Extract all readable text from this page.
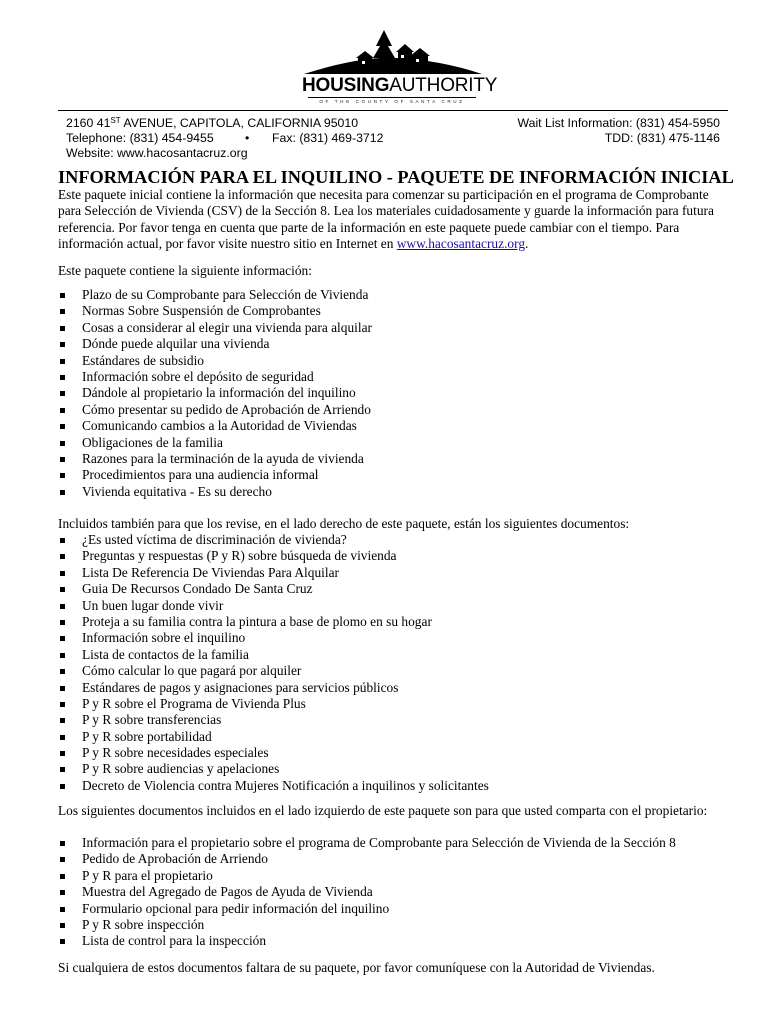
HOUSINGAUTHORITY
OF THE COUNTY OF SANTA CRUZ
2160 41ST AVENUE, CAPITOLA, CALIFORNIA 95010
Telephone: (831) 454-9455	• Fax: (831) 469-3712
Website: www.hacosantacruz.org
Wait List Information: (831) 454-5950
TDD: (831) 475-1146
INFORMACIÓN PARA EL INQUILINO - PAQUETE DE INFORMACIÓN INICIAL
Este paquete inicial contiene la información que necesita para comenzar su participación en el programa de Comprobante para Selección de Vivienda (CSV) de la Sección 8. Lea los materiales cuidadosamente y guarde la información para futura referencia. Por favor tenga en cuenta que parte de la información en este paquete puede cambiar con el tiempo. Para información actual, por favor visite nuestro sitio en Internet en www.hacosantacruz.org.
Este paquete contiene la siguiente información:
Plazo de su Comprobante para Selección de Vivienda
Normas Sobre Suspensión de Comprobantes
Cosas a considerar al elegir una vivienda para alquilar
Dónde puede alquilar una vivienda
Estándares de subsidio
Información sobre el depósito de seguridad
Dándole al propietario la información del inquilino
Cómo presentar su pedido de Aprobación de Arriendo
Comunicando cambios a la Autoridad de Viviendas
Obligaciones de la familia
Razones para la terminación de la ayuda de vivienda
Procedimientos para una audiencia informal
Vivienda equitativa - Es su derecho
Incluidos también para que los revise, en el lado derecho de este paquete, están los siguientes documentos:
¿Es usted víctima de discriminación de vivienda?
Preguntas y respuestas (P y R) sobre búsqueda de vivienda
Lista De Referencia De Viviendas Para Alquilar
Guia De Recursos Condado De Santa Cruz
Un buen lugar donde vivir
Proteja a su familia contra la pintura a base de plomo en su hogar
Información sobre el inquilino
Lista de contactos de la familia
Cómo calcular lo que pagará por alquiler
Estándares de pagos y asignaciones para servicios públicos
P y R sobre el Programa de Vivienda Plus
P y R sobre transferencias
P y R sobre portabilidad
P y R sobre necesidades especiales
P y R sobre audiencias y apelaciones
Decreto de Violencia contra Mujeres Notificación a inquilinos y solicitantes
Los siguientes documentos incluidos en el lado izquierdo de este paquete son para que usted comparta con el propietario:
Información para el propietario sobre el programa de Comprobante para Selección de Vivienda de la Sección 8
Pedido de Aprobación de Arriendo
P y R para el propietario
Muestra del Agregado de Pagos de Ayuda de Vivienda
Formulario opcional para pedir información del inquilino
P y R sobre inspección
Lista de control para la inspección
Si cualquiera de estos documentos faltara de su paquete, por favor comuníquese con la Autoridad de Viviendas.
